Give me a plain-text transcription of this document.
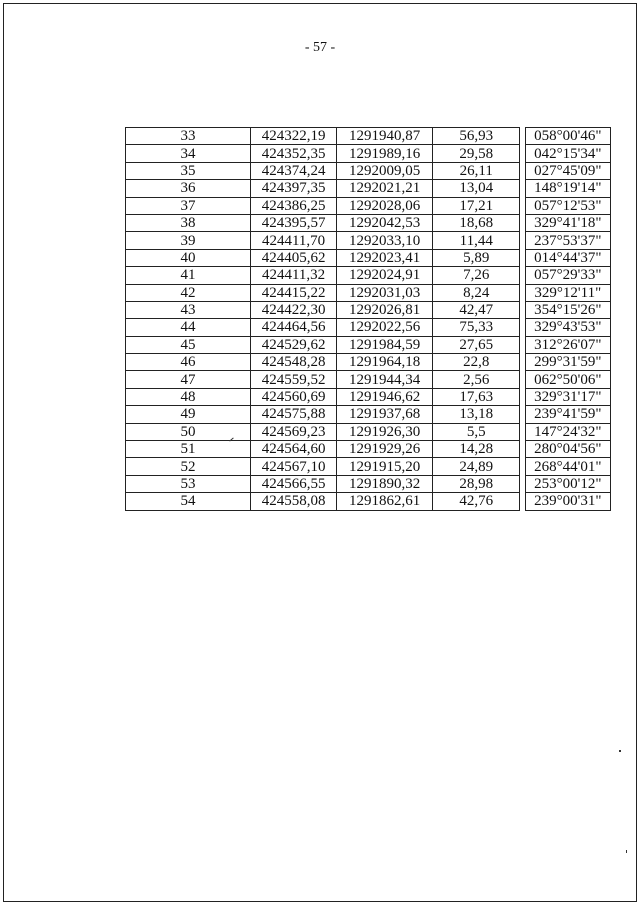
- 57 -
33	424322,19	1291940,87	56,93		058°00'46"
34	424352,35	1291989,16	29,58		042°15'34"
35	424374,24	1292009,05	26,11		027°45'09"
36	424397,35	1292021,21	13,04		148°19'14"
37	424386,25	1292028,06	17,21		057°12'53"
38	424395,57	1292042,53	18,68		329°41'18"
39	424411,70	1292033,10	11,44		237°53'37"
40	424405,62	1292023,41	5,89		014°44'37"
41	424411,32	1292024,91	7,26		057°29'33"
42	424415,22	1292031,03	8,24		329°12'11"
43	424422,30	1292026,81	42,47		354°15'26"
44	424464,56	1292022,56	75,33		329°43'53"
45	424529,62	1291984,59	27,65		312°26'07"
46	424548,28	1291964,18	22,8		299°31'59"
47	424559,52	1291944,34	2,56		062°50'06"
48	424560,69	1291946,62	17,63		329°31'17"
49	424575,88	1291937,68	13,18		239°41'59"
50	424569,23	1291926,30	5,5		147°24'32"
51	424564,60	1291929,26	14,28		280°04'56"
52	424567,10	1291915,20	24,89		268°44'01"
53	424566,55	1291890,32	28,98		253°00'12"
54	424558,08	1291862,61	42,76		239°00'31"
